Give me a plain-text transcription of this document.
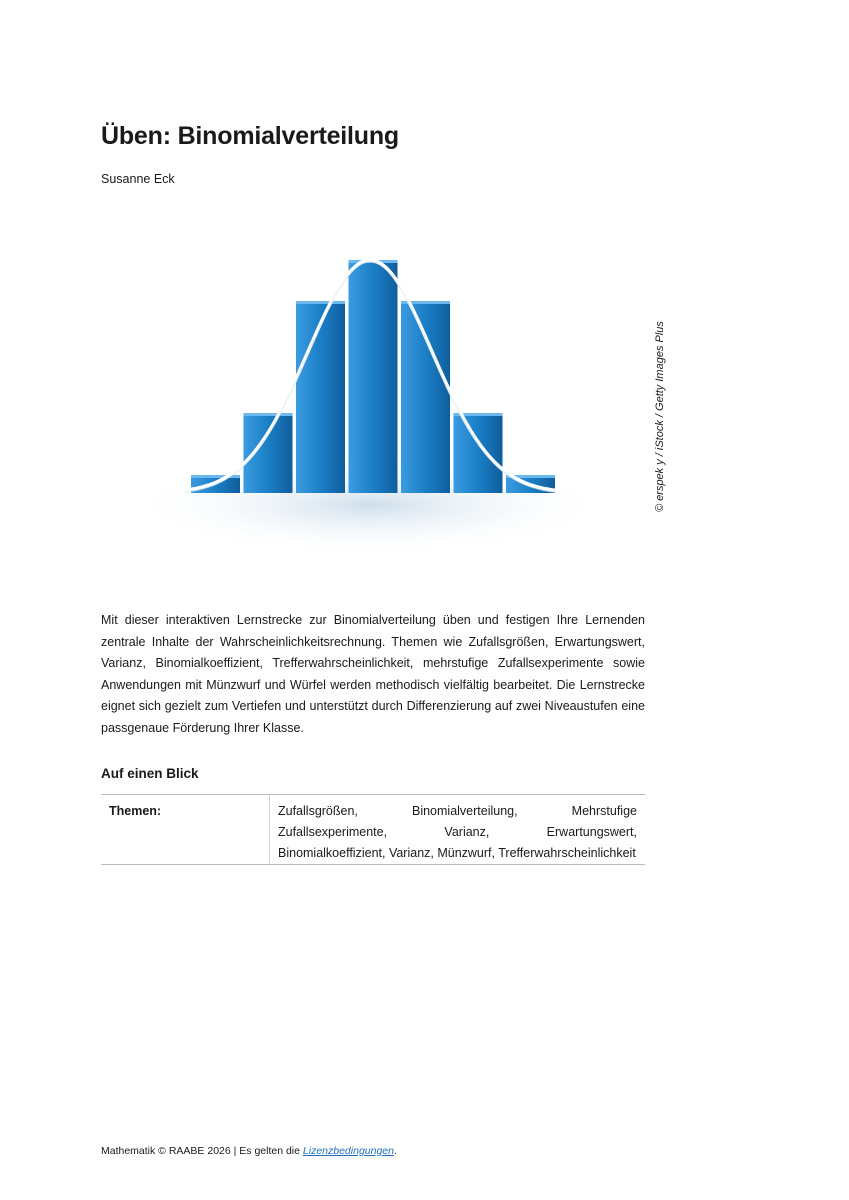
Üben: Binomialverteilung
Susanne Eck
© erspek y / iStock / Getty Images Plus

Mit dieser interaktiven Lernstrecke zur Binomialverteilung üben und festigen Ihre Lernenden zentrale Inhalte der Wahrscheinlichkeitsrechnung. Themen wie Zufallsgrößen, Erwartungswert, Varianz, Binomialkoeffizient, Trefferwahrscheinlichkeit, mehrstufige Zufallsexperimente sowie Anwendungen mit Münzwurf und Würfel werden methodisch vielfältig bearbeitet. Die Lernstrecke eignet sich gezielt zum Vertiefen und unterstützt durch Differenzierung auf zwei Niveaustufen eine passgenaue Förderung Ihrer Klasse.

Auf einen Blick
Themen:	Zufallsgrößen, Binomialverteilung, Mehrstufige Zufallsexperimente, Varianz, Erwartungswert, Binomialkoeffizient, Varianz, Münzwurf, Trefferwahrscheinlichkeit
Mathematik © RAABE 2026 | Es gelten die Lizenzbedingungen.
